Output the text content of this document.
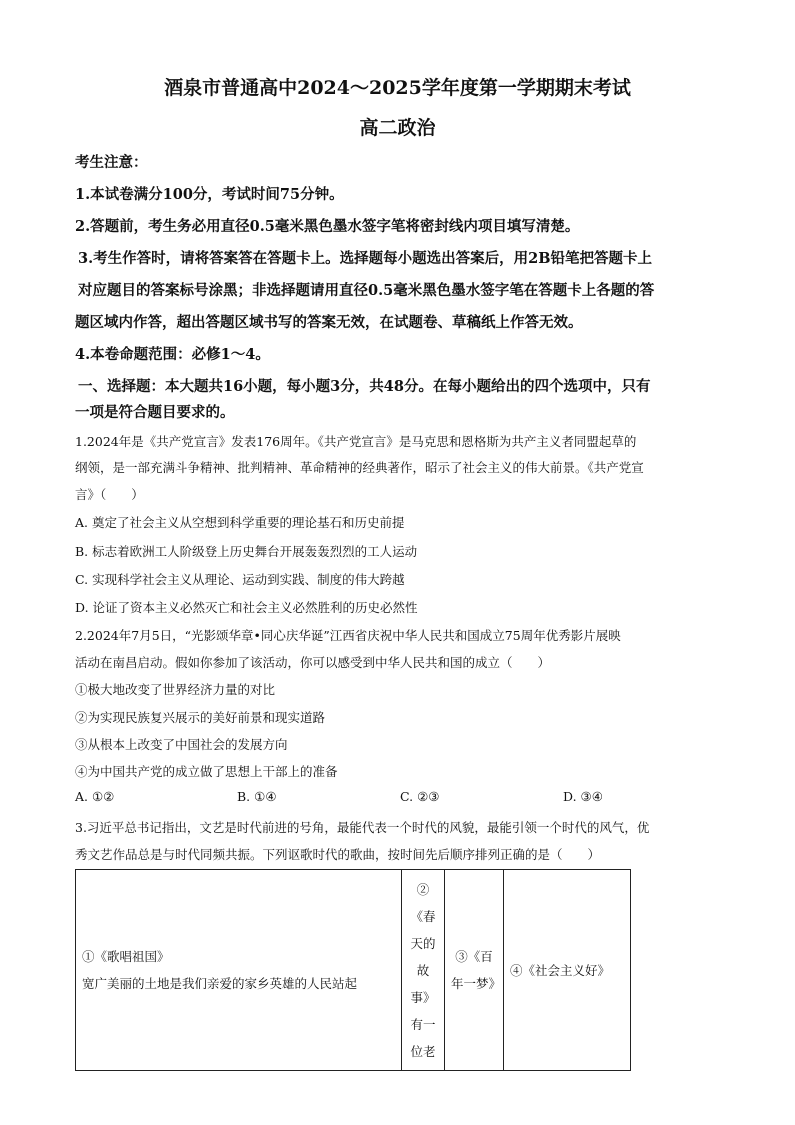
酒泉市普通高中2024～2025学年度第一学期期末考试
高二政治
考生注意：
1.本试卷满分100分，考试时间75分钟。
2.答题前，考生务必用直径0.5毫米黑色墨水签字笔将密封线内项目填写清楚。
3.考生作答时，请将答案答在答题卡上。选择题每小题选出答案后，用2B铅笔把答题卡上
对应题目的答案标号涂黑；非选择题请用直径0.5毫米黑色墨水签字笔在答题卡上各题的答
题区域内作答，超出答题区域书写的答案无效，在试题卷、草稿纸上作答无效。
4.本卷命题范围：必修1～4。
一、选择题：本大题共16小题，每小题3分，共48分。在每小题给出的四个选项中，只有
一项是符合题目要求的。
1.2024年是《共产党宣言》发表176周年。《共产党宣言》是马克思和恩格斯为共产主义者同盟起草的
纲领，是一部充满斗争精神、批判精神、革命精神的经典著作，昭示了社会主义的伟大前景。《共产党宣
言》（　　）
A. 奠定了社会主义从空想到科学重要的理论基石和历史前提
B. 标志着欧洲工人阶级登上历史舞台开展轰轰烈烈的工人运动
C. 实现科学社会主义从理论、运动到实践、制度的伟大跨越
D. 论证了资本主义必然灭亡和社会主义必然胜利的历史必然性
2.2024年7月5日，“光影颂华章•同心庆华诞”江西省庆祝中华人民共和国成立75周年优秀影片展映
活动在南昌启动。假如你参加了该活动，你可以感受到中华人民共和国的成立（　　）
①极大地改变了世界经济力量的对比
②为实现民族复兴展示的美好前景和现实道路
③从根本上改变了中国社会的发展方向
④为中国共产党的成立做了思想上干部上的准备
A. ①②	B. ①④	C. ②③	D. ③④
3.习近平总书记指出，文艺是时代前进的号角，最能代表一个时代的风貌，最能引领一个时代的风气，优
秀文艺作品总是与时代同频共振。下列讴歌时代的歌曲，按时间先后顺序排列正确的是（　　）
①《歌唱祖国》
宽广美丽的土地是我们亲爱的家乡英雄的人民站起
	②《春天的故事》有一位老	③《百年一梦》	④《社会主义好》
